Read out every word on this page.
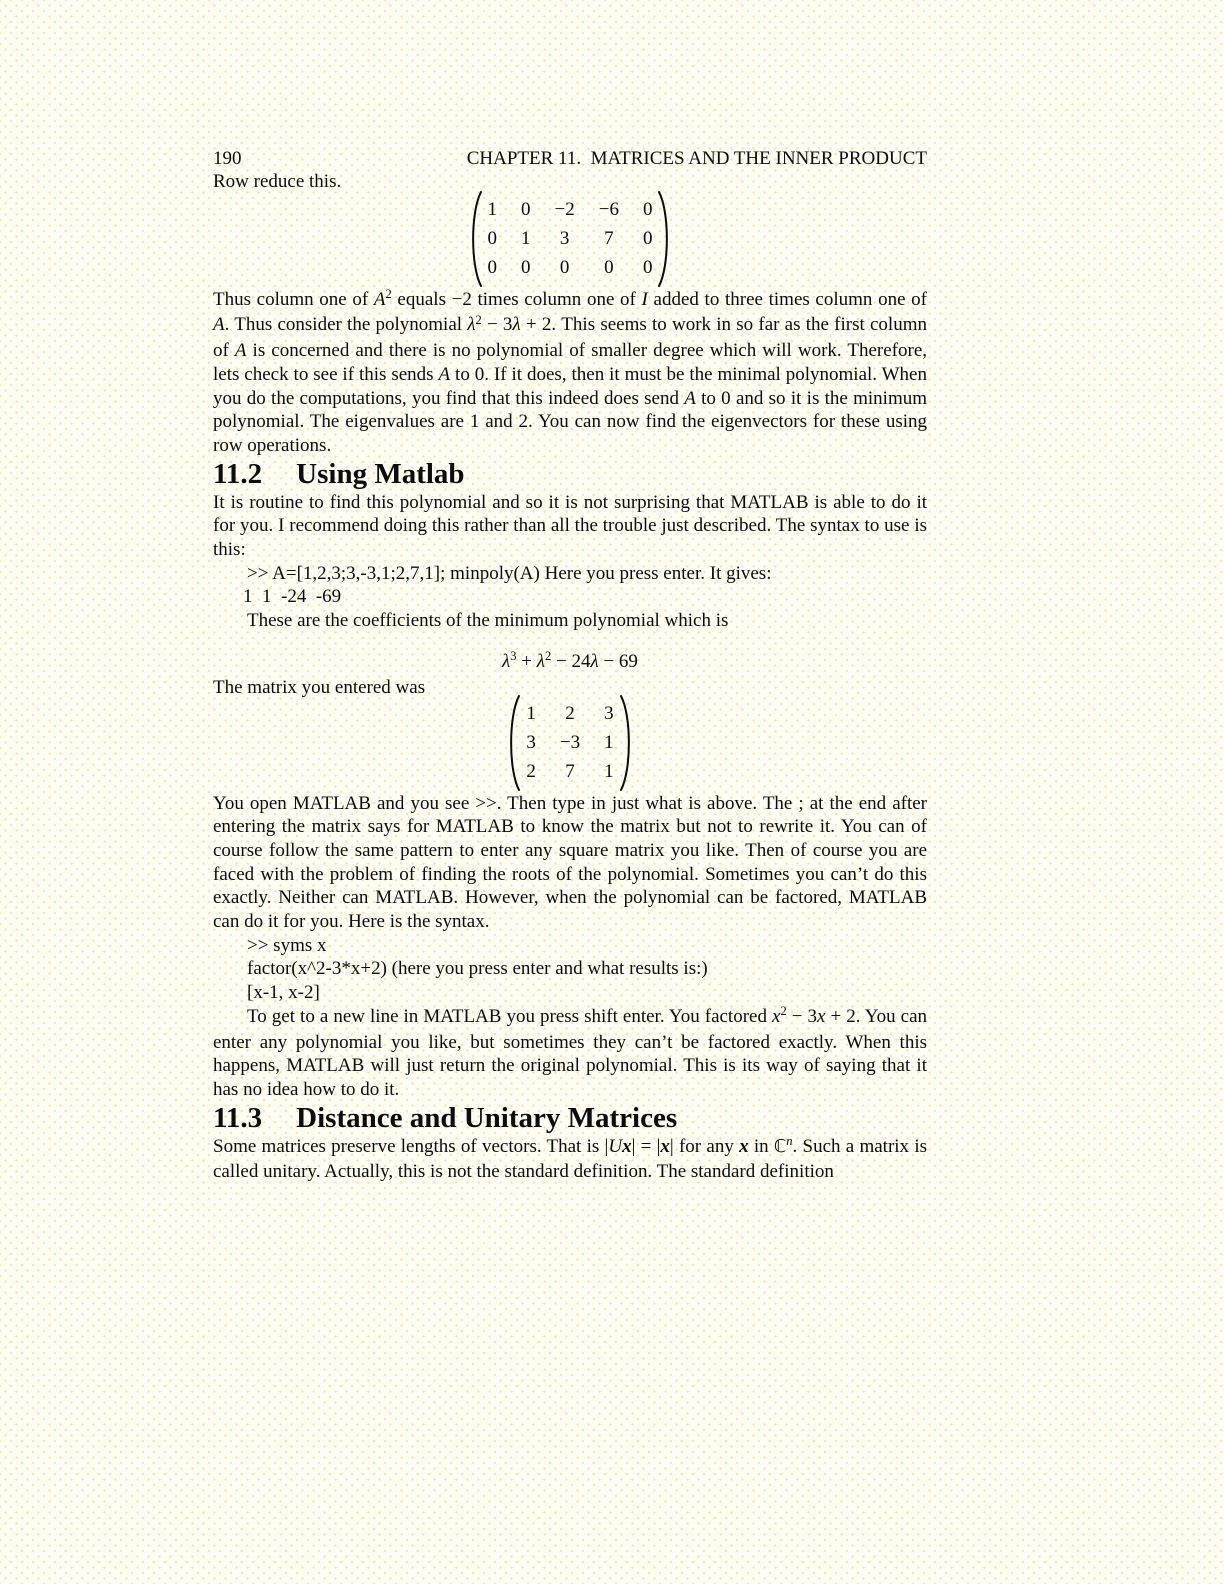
190	CHAPTER 11.  MATRICES AND THE INNER PRODUCT

Row reduce this.

1 0 −2 −6 0
0 1 3 7 0
0 0 0 0 0

Thus column one of $A^2$ equals −2 times column one of I added to three times column one of A. Thus consider the polynomial $\lambda^2 - 3\lambda + 2$. This seems to work in so far as the first column of A is concerned and there is no polynomial of smaller degree which will work. Therefore, lets check to see if this sends A to 0. If it does, then it must be the minimal polynomial. When you do the computations, you find that this indeed does send A to 0 and so it is the minimum polynomial. The eigenvalues are 1 and 2. You can now find the eigenvectors for these using row operations.

11.2 Using Matlab

It is routine to find this polynomial and so it is not surprising that MATLAB is able to do it for you. I recommend doing this rather than all the trouble just described. The syntax to use is this:

>> A=[1,2,3;3,-3,1;2,7,1]; minpoly(A) Here you press enter. It gives:

1  1  -24  -69

These are the coefficients of the minimum polynomial which is

$\lambda^3 + \lambda^2 - 24\lambda - 69$

The matrix you entered was

1 2 3
3 −3 1
2 7 1

You open MATLAB and you see >>. Then type in just what is above. The ; at the end after entering the matrix says for MATLAB to know the matrix but not to rewrite it. You can of course follow the same pattern to enter any square matrix you like. Then of course you are faced with the problem of finding the roots of the polynomial. Sometimes you can’t do this exactly. Neither can MATLAB. However, when the polynomial can be factored, MATLAB can do it for you. Here is the syntax.

>> syms x

factor(x^2-3*x+2) (here you press enter and what results is:)

[x-1, x-2]

To get to a new line in MATLAB you press shift enter. You factored $x^2 - 3x + 2$. You can enter any polynomial you like, but sometimes they can’t be factored exactly. When this happens, MATLAB will just return the original polynomial. This is its way of saying that it has no idea how to do it.

11.3 Distance and Unitary Matrices

Some matrices preserve lengths of vectors. That is |Ux| = |x| for any x in ℂ$^n$. Such a matrix is called unitary. Actually, this is not the standard definition. The standard definition
